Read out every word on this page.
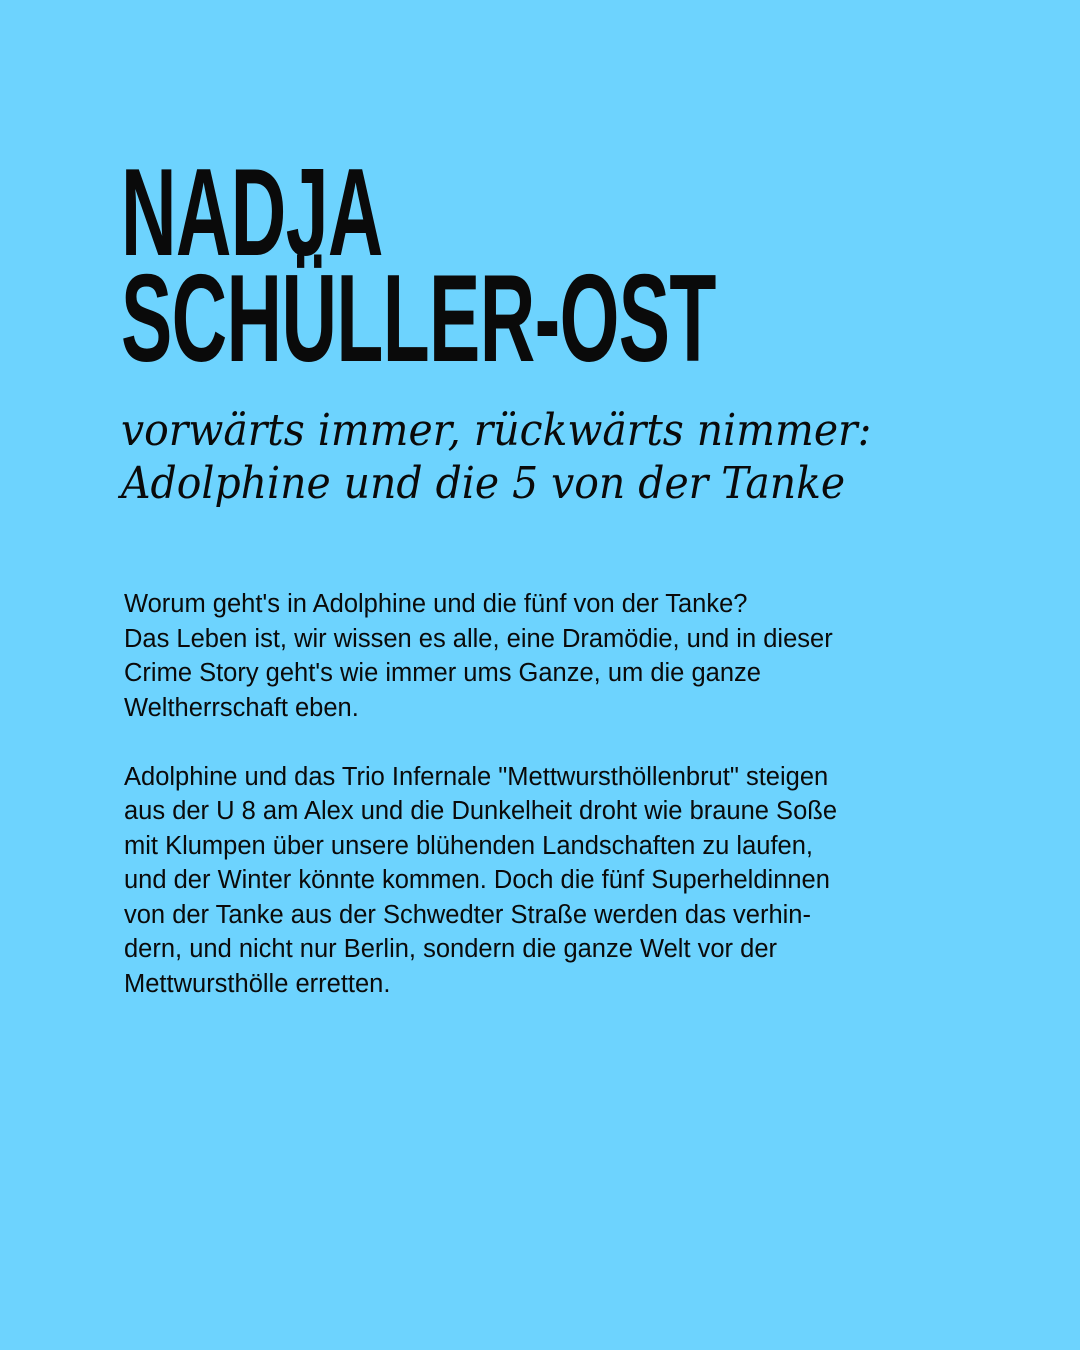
NADJA
SCHÜLLER-OST
vorwärts immer, rückwärts nimmer:
Adolphine und die 5 von der Tanke

Worum geht's in Adolphine und die fünf von der Tanke?
Das Leben ist, wir wissen es alle, eine Dramödie, und in dieser
Crime Story geht's wie immer ums Ganze, um die ganze
Weltherrschaft eben.

Adolphine und das Trio Infernale "Mettwursthöllenbrut" steigen
aus der U 8 am Alex und die Dunkelheit droht wie braune Soße
mit Klumpen über unsere blühenden Landschaften zu laufen,
und der Winter könnte kommen. Doch die fünf Superheldinnen
von der Tanke aus der Schwedter Straße werden das verhin-
dern, und nicht nur Berlin, sondern die ganze Welt vor der
Mettwursthölle erretten.
